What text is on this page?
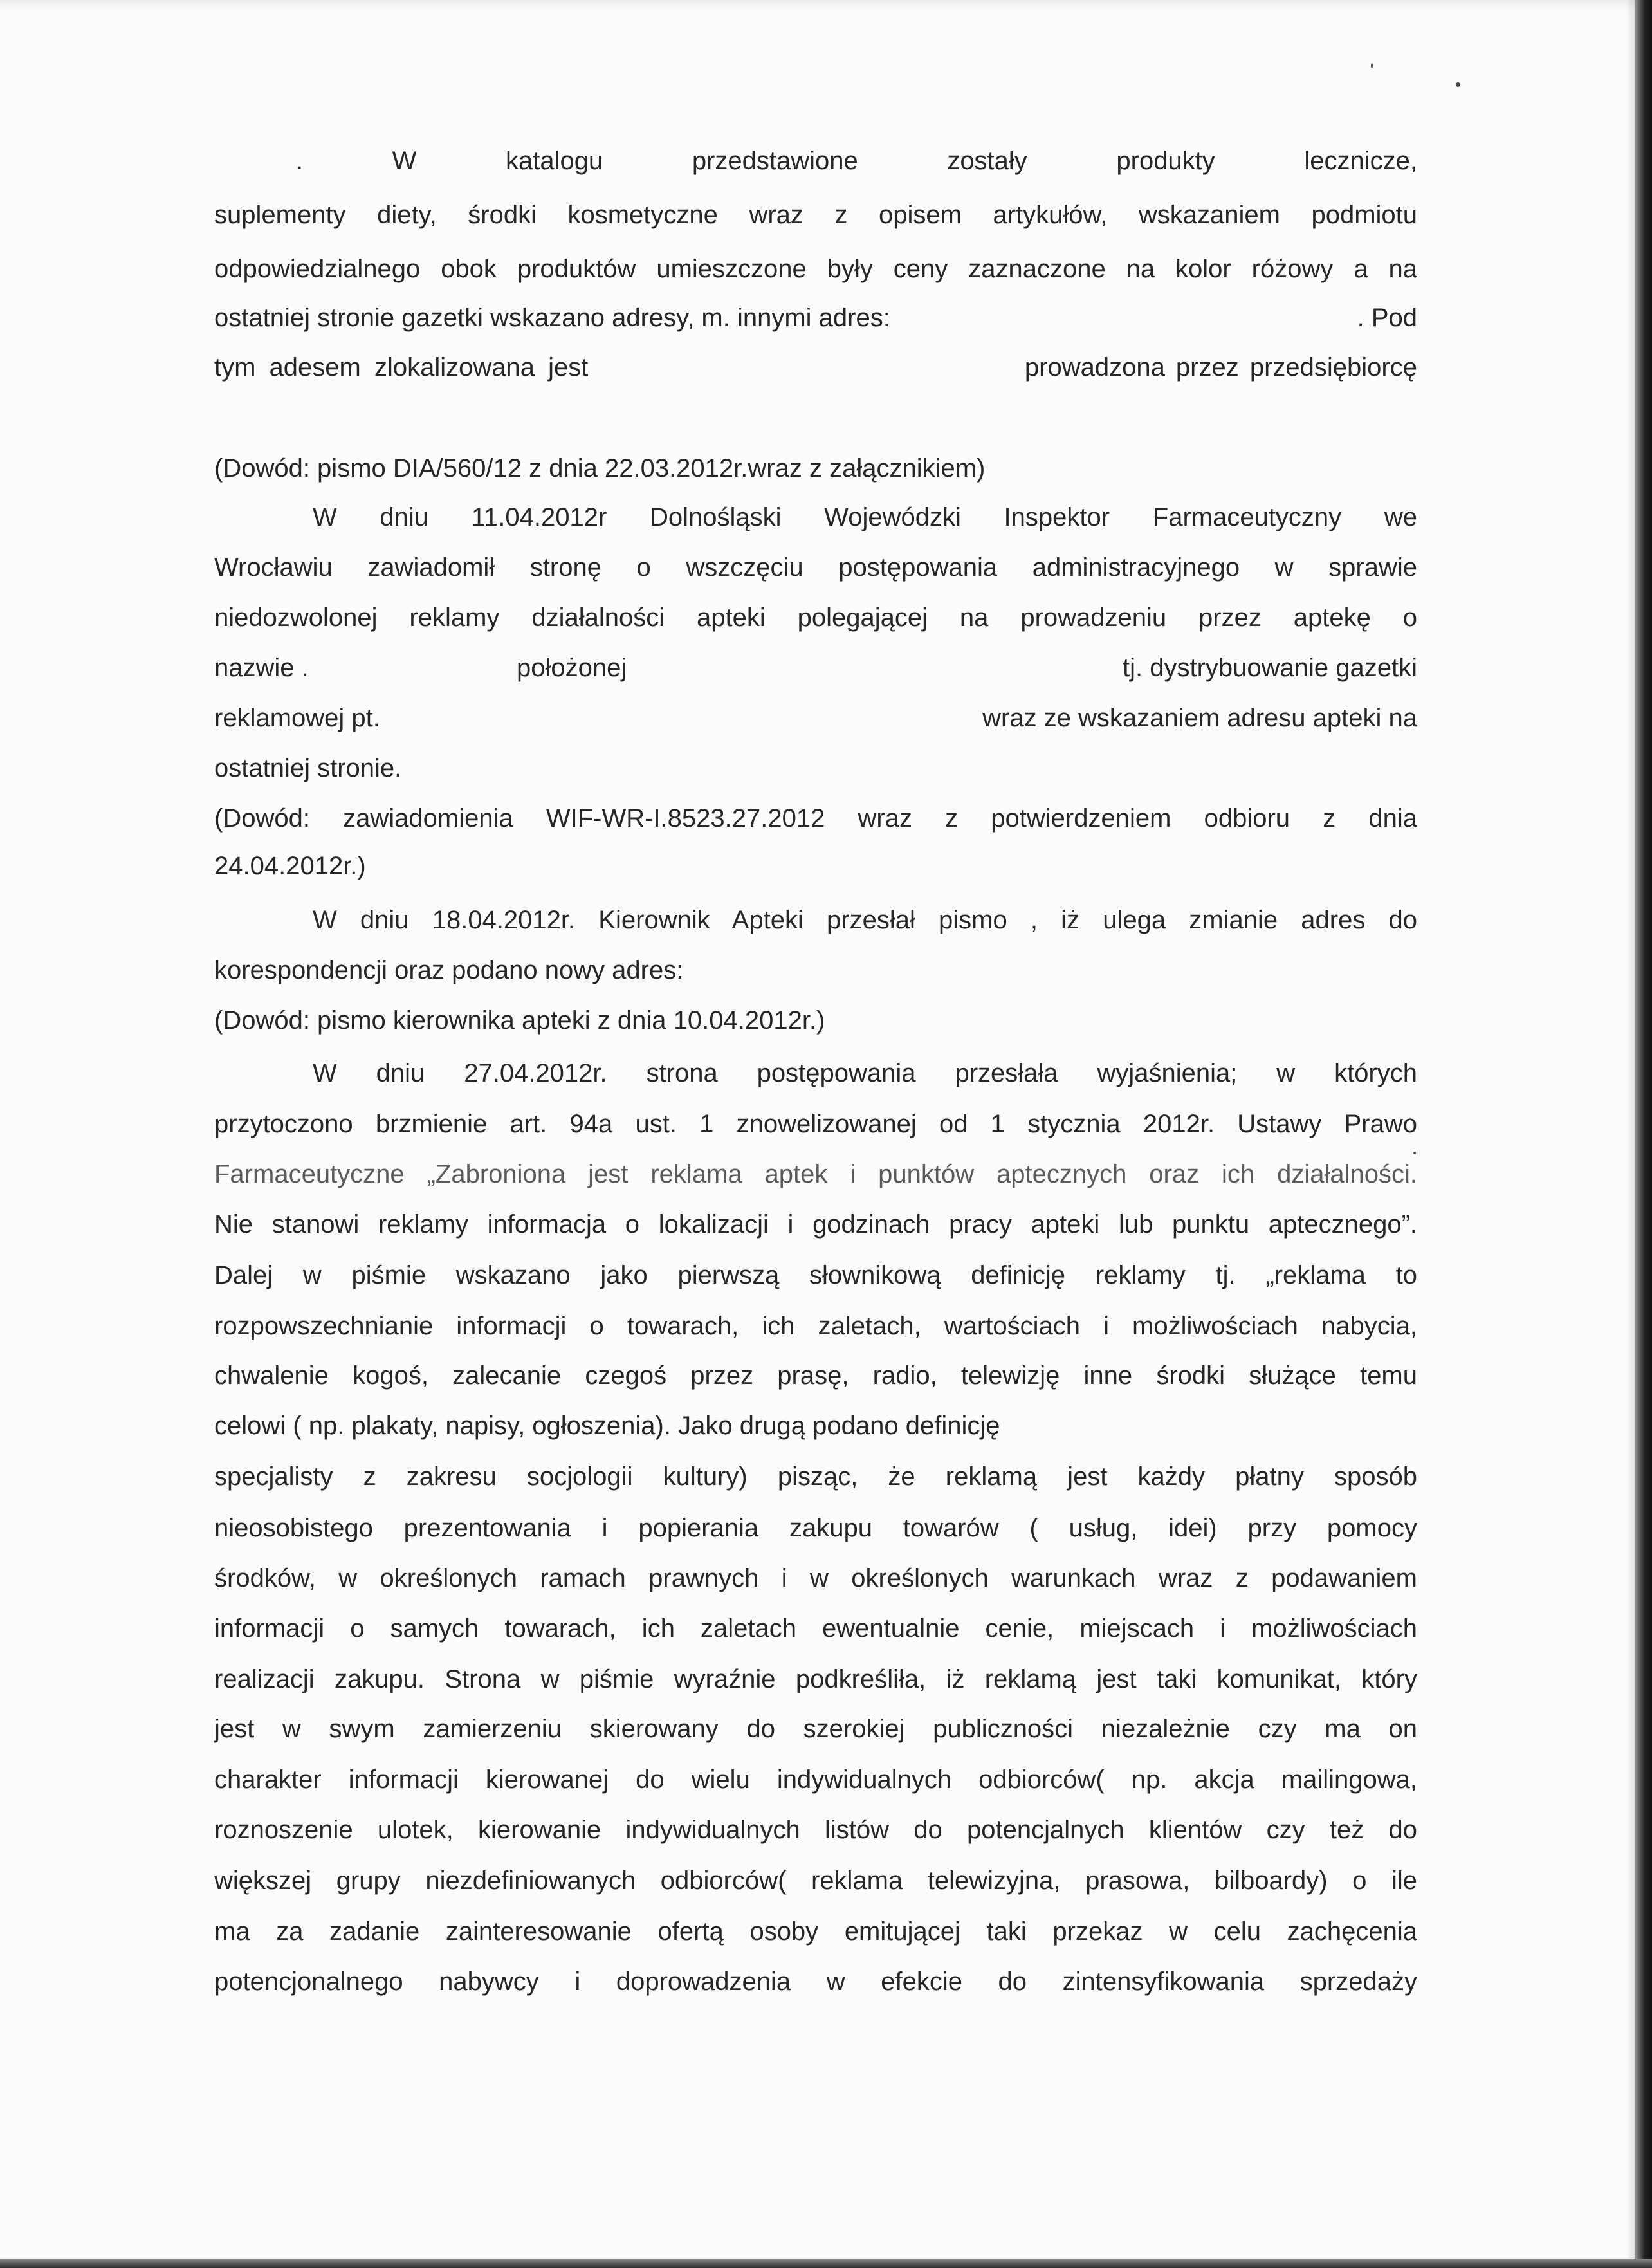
. W katalogu przedstawione zostały produkty lecznicze,
suplementy diety, środki kosmetyczne wraz z opisem artykułów, wskazaniem podmiotu
odpowiedzialnego obok produktów umieszczone były ceny zaznaczone na kolor różowy a na
ostatniej stronie gazetki wskazano adresy, m. innymi adres:	. Pod
tym adesem zlokalizowana jest	prowadzona przez przedsiębiorcę
(Dowód: pismo DIA/560/12 z dnia 22.03.2012r.wraz z załącznikiem)
W dniu 11.04.2012r Dolnośląski Wojewódzki Inspektor Farmaceutyczny we
Wrocławiu zawiadomił stronę o wszczęciu postępowania administracyjnego w sprawie
niedozwolonej reklamy działalności apteki polegającej na prowadzeniu przez aptekę o
nazwie .	położonej	tj. dystrybuowanie gazetki
reklamowej pt.	wraz ze wskazaniem adresu apteki na
ostatniej stronie.
(Dowód: zawiadomienia WIF-WR-I.8523.27.2012 wraz z potwierdzeniem odbioru z dnia
24.04.2012r.)
W dniu 18.04.2012r. Kierownik Apteki przesłał pismo , iż ulega zmianie adres do
korespondencji oraz podano nowy adres:
(Dowód: pismo kierownika apteki z dnia 10.04.2012r.)
W dniu 27.04.2012r. strona postępowania przesłała wyjaśnienia; w których
przytoczono brzmienie art. 94a ust. 1 znowelizowanej od 1 stycznia 2012r. Ustawy Prawo
Farmaceutyczne „Zabroniona jest reklama aptek i punktów aptecznych oraz ich działalności.
Nie stanowi reklamy informacja o lokalizacji i godzinach pracy apteki lub punktu aptecznego”.
Dalej w piśmie wskazano jako pierwszą słownikową definicję reklamy tj. „reklama to
rozpowszechnianie informacji o towarach, ich zaletach, wartościach i możliwościach nabycia,
chwalenie kogoś, zalecanie czegoś przez prasę, radio, telewizję inne środki służące temu
celowi ( np. plakaty, napisy, ogłoszenia). Jako drugą podano definicję
specjalisty z zakresu socjologii kultury) pisząc, że reklamą jest każdy płatny sposób
nieosobistego prezentowania i popierania zakupu towarów ( usług, idei) przy pomocy
środków, w określonych ramach prawnych i w określonych warunkach wraz z podawaniem
informacji o samych towarach, ich zaletach ewentualnie cenie, miejscach i możliwościach
realizacji zakupu. Strona w piśmie wyraźnie podkreśliła, iż reklamą jest taki komunikat, który
jest w swym zamierzeniu skierowany do szerokiej publiczności niezależnie czy ma on
charakter informacji kierowanej do wielu indywidualnych odbiorców( np. akcja mailingowa,
roznoszenie ulotek, kierowanie indywidualnych listów do potencjalnych klientów czy też do
większej grupy niezdefiniowanych odbiorców( reklama telewizyjna, prasowa, bilboardy) o ile
ma za zadanie zainteresowanie ofertą osoby emitującej taki przekaz w celu zachęcenia
potencjonalnego nabywcy i doprowadzenia w efekcie do zintensyfikowania sprzedaży
